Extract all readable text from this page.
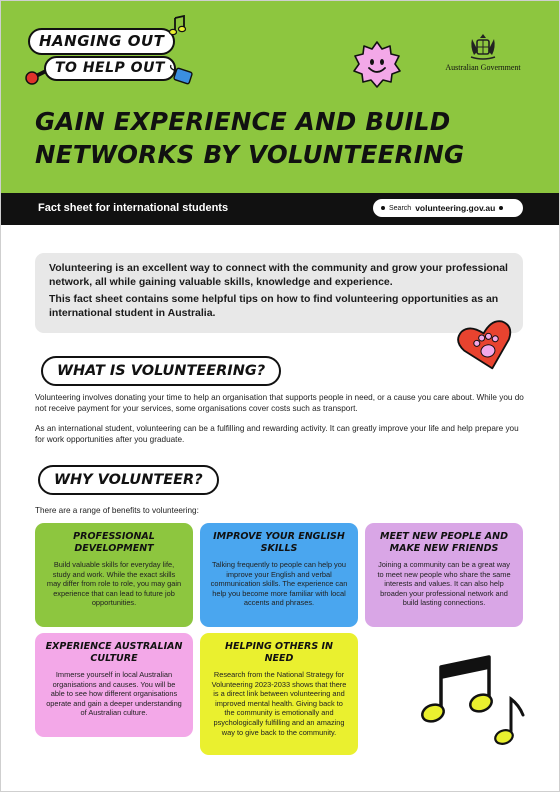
HANGING OUT
TO HELP OUT	Australian Government
GAIN EXPERIENCE AND BUILD
NETWORKS BY VOLUNTEERING
Fact sheet for international students	Search volunteering.gov.au

Volunteering is an excellent way to connect with the community and grow your professional network, all while gaining valuable skills, knowledge and experience.

This fact sheet contains some helpful tips on how to find volunteering opportunities as an international student in Australia.

WHAT IS VOLUNTEERING?

Volunteering involves donating your time to help an organisation that supports people in need, or a cause you care about. While you do not receive payment for your services, some organisations cover costs such as transport.

As an international student, volunteering can be a fulfilling and rewarding activity. It can greatly improve your life and help prepare you for work opportunities after you graduate.

WHY VOLUNTEER?

There are a range of benefits to volunteering:

PROFESSIONAL DEVELOPMENT

Build valuable skills for everyday life, study and work. While the exact skills may differ from role to role, you may gain experience that can lead to future job opportunities.

IMPROVE YOUR ENGLISH SKILLS

Talking frequently to people can help you improve your English and verbal communication skills. The experience can help you become more familiar with local accents and phrases.

MEET NEW PEOPLE AND MAKE NEW FRIENDS

Joining a community can be a great way to meet new people who share the same interests and values. It can also help broaden your professional network and build lasting connections.

EXPERIENCE AUSTRALIAN CULTURE

Immerse yourself in local Australian organisations and causes. You will be able to see how different organisations operate and gain a deeper understanding of Australian culture.

HELPING OTHERS IN NEED

Research from the National Strategy for Volunteering 2023-2033 shows that there is a direct link between volunteering and improved mental health. Giving back to the community is emotionally and psychologically fulfilling and an amazing way to give back to the community.
